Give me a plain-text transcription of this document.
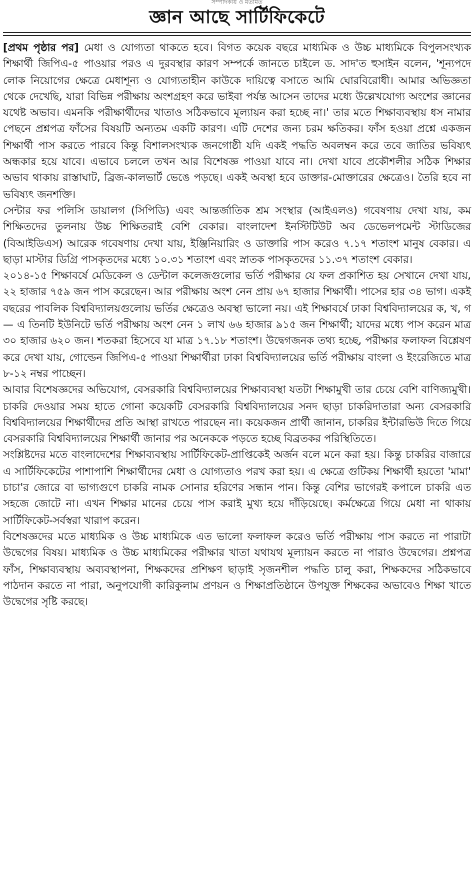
সম্পাদকীয় ও মতামত
জ্ঞান আছে সার্টিফিকেটে

[প্রথম পৃষ্ঠার পর] মেধা ও যোগ্যতা থাকতে হবে। বিগত কয়েক বছরে মাধ্যমিক ও উচ্চ মাধ্যমিকে বিপুলসংখ্যক শিক্ষার্থী জিপিএ-৫ পাওয়ার পরও এ দুরবস্থার কারণ সম্পর্কে জানতে চাইলে ড. সাদ'ত হুসাইন বলেন, 'শূন্যপদে লোক নিয়োগের ক্ষেত্রে মেধাশূন্য ও যোগ্যতাহীন কাউকে দায়িত্বে বসাতে আমি ঘোরবিরোধী। আমার অভিজ্ঞতা থেকে দেখেছি, যারা বিভিন্ন পরীক্ষায় অংশগ্রহণ করে ভাইবা পর্যন্ত আসেন তাদের মধ্যে উল্লেখযোগ্য অংশের জ্ঞানের যথেষ্ট অভাব। এমনকি পরীক্ষার্থীদের খাতাও সঠিকভাবে মূল্যায়ন করা হচ্ছে না।' তার মতে শিক্ষাব্যবস্থায় ধস নামার পেছনে প্রশ্নপত্র ফাঁসের বিষয়টি অন্যতম একটি কারণ। এটি দেশের জন্য চরম ক্ষতিকর। ফাঁস হওয়া প্রশ্নে একজন শিক্ষার্থী পাস করতে পারবে কিন্তু বিশালসংখ্যক জনগোষ্ঠী যদি একই পদ্ধতি অবলম্বন করে তবে জাতির ভবিষ্যৎ অন্ধকার হয়ে যাবে। এভাবে চললে তখন আর বিশেষজ্ঞ পাওয়া যাবে না। দেখা যাবে প্রকৌশলীর সঠিক শিক্ষার অভাব থাকায় রাস্তাঘাট, ব্রিজ-কালভার্ট ভেঙে পড়ছে। একই অবস্থা হবে ডাক্তার-মোক্তারের ক্ষেত্রেও। তৈরি হবে না ভবিষ্যৎ জনশক্তি।

সেন্টার ফর পলিসি ডায়ালগ (সিপিডি) এবং আন্তর্জাতিক শ্রম সংস্থার (আইএলও) গবেষণায় দেখা যায়, কম শিক্ষিতদের তুলনায় উচ্চ শিক্ষিতরাই বেশি বেকার। বাংলাদেশ ইনস্টিটিউট অব ডেভেলপমেন্ট স্টাডিজের (বিআইডিএস) আরেক গবেষণায় দেখা যায়, ইঞ্জিনিয়ারিং ও ডাক্তারি পাস করেও ৭.১৭ শতাংশ মানুষ বেকার। এ ছাড়া মাস্টার ডিগ্রি পাসকৃতদের মধ্যে ১০.৩১ শতাংশ এবং স্নাতক পাসকৃতদের ১১.৩৭ শতাংশ বেকার।

২০১৪-১৫ শিক্ষাবর্ষে মেডিকেল ও ডেন্টাল কলেজগুলোর ভর্তি পরীক্ষার যে ফল প্রকাশিত হয় সেখানে দেখা যায়, ২২ হাজার ৭৫৯ জন পাস করেছেন। আর পরীক্ষায় অংশ নেন প্রায় ৬৭ হাজার শিক্ষার্থী। পাসের হার ৩৪ ভাগ। একই বছরের পাবলিক বিশ্ববিদ্যালয়গুলোয় ভর্তির ক্ষেত্রেও অবস্থা ভালো নয়। এই শিক্ষাবর্ষে ঢাকা বিশ্ববিদ্যালয়ের ক, খ, গ— এ তিনটি ইউনিটে ভর্তি পরীক্ষায় অংশ নেন ১ লাখ ৬৬ হাজার ৯১৫ জন শিক্ষার্থী; যাদের মধ্যে পাস করেন মাত্র ৩০ হাজার ৬২০ জন। শতকরা হিসেবে যা মাত্র ১৭.১৮ শতাংশ। উদ্বেগজনক তথ্য হচ্ছে, পরীক্ষার ফলাফল বিশ্লেষণ করে দেখা যায়, গোল্ডেন জিপিএ-৫ পাওয়া শিক্ষার্থীরা ঢাকা বিশ্ববিদ্যালয়ের ভর্তি পরীক্ষায় বাংলা ও ইংরেজিতে মাত্র ৮-১২ নম্বর পাচ্ছেন।

আবার বিশেষজ্ঞদের অভিযোগ, বেসরকারি বিশ্ববিদ্যালয়ের শিক্ষাব্যবস্থা যতটা শিক্ষামুখী তার চেয়ে বেশি বাণিজ্যমুখী। চাকরি দেওয়ার সময় হাতে গোনা কয়েকটি বেসরকারি বিশ্ববিদ্যালয়ের সনদ ছাড়া চাকরিদাতারা অন্য বেসরকারি বিশ্ববিদ্যালয়ের শিক্ষার্থীদের প্রতি আস্থা রাখতে পারছেন না। কয়েকজন প্রার্থী জানান, চাকরির ইন্টারভিউ দিতে গিয়ে বেসরকারি বিশ্ববিদ্যালয়ের শিক্ষার্থী জানার পর অনেককে পড়তে হচ্ছে বিব্রতকর পরিস্থিতিতে।

সংশ্লিষ্টদের মতে বাংলাদেশের শিক্ষাব্যবস্থায় সার্টিফিকেট-প্রাপ্তিকেই অর্জন বলে মনে করা হয়। কিন্তু চাকরির বাজারে এ সার্টিফিকেটের পাশাপাশি শিক্ষার্থীদের মেধা ও যোগ্যতাও পরখ করা হয়। এ ক্ষেত্রে গুটিকয় শিক্ষার্থী হয়তো 'মামা' চাচা'র জোরে বা ভাগ্যগুণে চাকরি নামক সোনার হরিণের সন্ধান পান। কিন্তু বেশির ভাগেরই কপালে চাকরি এত সহজে জোটে না। এখন শিক্ষার মানের চেয়ে পাস করাই মুখ্য হয়ে দাঁড়িয়েছে। কর্মক্ষেত্রে গিয়ে মেধা না থাকায় সার্টিফিকেট-সর্বস্বরা খারাপ করেন।

বিশেষজ্ঞদের মতে মাধ্যমিক ও উচ্চ মাধ্যমিকে এত ভালো ফলাফল করেও ভর্তি পরীক্ষায় পাস করতে না পারাটা উদ্বেগের বিষয়। মাধ্যমিক ও উচ্চ মাধ্যমিকের পরীক্ষার খাতা যথাযথ মূল্যায়ন করতে না পারাও উদ্বেগের। প্রশ্নপত্র ফাঁস, শিক্ষাব্যবস্থায় অব্যবস্থাপনা, শিক্ষকদের প্রশিক্ষণ ছাড়াই সৃজনশীল পদ্ধতি চালু করা, শিক্ষকদের সঠিকভাবে পাঠদান করতে না পারা, অনুপযোগী কারিকুলাম প্রণয়ন ও শিক্ষাপ্রতিষ্ঠানে উপযুক্ত শিক্ষকের অভাবেও শিক্ষা খাতে উদ্বেগের সৃষ্টি করছে।
